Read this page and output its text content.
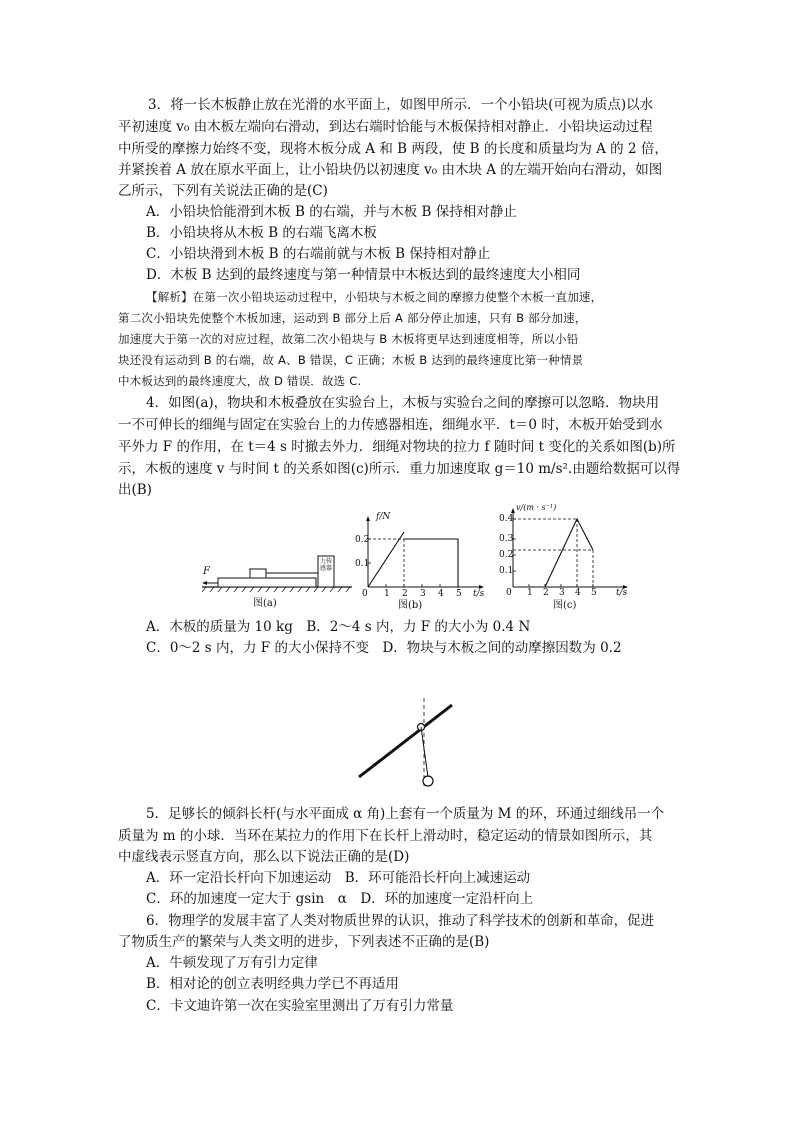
3．将一长木板静止放在光滑的水平面上，如图甲所示．一个小铅块(可视为质点)以水
平初速度 v₀ 由木板左端向右滑动，到达右端时恰能与木板保持相对静止．小铅块运动过程
中所受的摩擦力始终不变，现将木板分成 A 和 B 两段，使 B 的长度和质量均为 A 的 2 倍，
并紧挨着 A 放在原水平面上，让小铅块仍以初速度 v₀ 由木块 A 的左端开始向右滑动，如图
乙所示，下列有关说法正确的是(C)
A．小铅块恰能滑到木板 B 的右端，并与木板 B 保持相对静止
B．小铅块将从木板 B 的右端飞离木板
C．小铅块滑到木板 B 的右端前就与木板 B 保持相对静止
D．木板 B 达到的最终速度与第一种情景中木板达到的最终速度大小相同
【解析】在第一次小铅块运动过程中，小铅块与木板之间的摩擦力使整个木板一直加速，
第二次小铅块先使整个木板加速，运动到 B 部分上后 A 部分停止加速，只有 B 部分加速，
加速度大于第一次的对应过程，故第二次小铅块与 B 木板将更早达到速度相等，所以小铅
块还没有运动到 B 的右端，故 A、B 错误，C 正确；木板 B 达到的最终速度比第一种情景
中木板达到的最终速度大，故 D 错误．故选 C.
4．如图(a)，物块和木板叠放在实验台上，木板与实验台之间的摩擦可以忽略．物块用
一不可伸长的细绳与固定在实验台上的力传感器相连，细绳水平．t＝0 时，木板开始受到水
平外力 F 的作用，在 t＝4 s 时撤去外力．细绳对物块的拉力 f 随时间 t 变化的关系如图(b)所
示，木板的速度 v 与时间 t 的关系如图(c)所示．重力加速度取 g＝10 m/s².由题给数据可以得
出(B)
F
力传感器
图(a)
f/N
0.2
0.1
0 1 2 3 4 5 t/s
图(b)
v/(m · s⁻¹)
0.4
0.3
0.2
0.1
0 1 2 3 4 5 t/s
图(c)
A．木板的质量为 10 kg　B．2～4 s 内，力 F 的大小为 0.4 N
C．0～2 s 内，力 F 的大小保持不变　D．物块与木板之间的动摩擦因数为 0.2
5．足够长的倾斜长杆(与水平面成 α 角)上套有一个质量为 M 的环，环通过细线吊一个
质量为 m 的小球．当环在某拉力的作用下在长杆上滑动时，稳定运动的情景如图所示，其
中虚线表示竖直方向，那么以下说法正确的是(D)
A．环一定沿长杆向下加速运动　B．环可能沿长杆向上减速运动
C．环的加速度一定大于 gsin　α　D．环的加速度一定沿杆向上
6．物理学的发展丰富了人类对物质世界的认识，推动了科学技术的创新和革命，促进
了物质生产的繁荣与人类文明的进步，下列表述不正确的是(B)
A．牛顿发现了万有引力定律
B．相对论的创立表明经典力学已不再适用
C．卡文迪许第一次在实验室里测出了万有引力常量
